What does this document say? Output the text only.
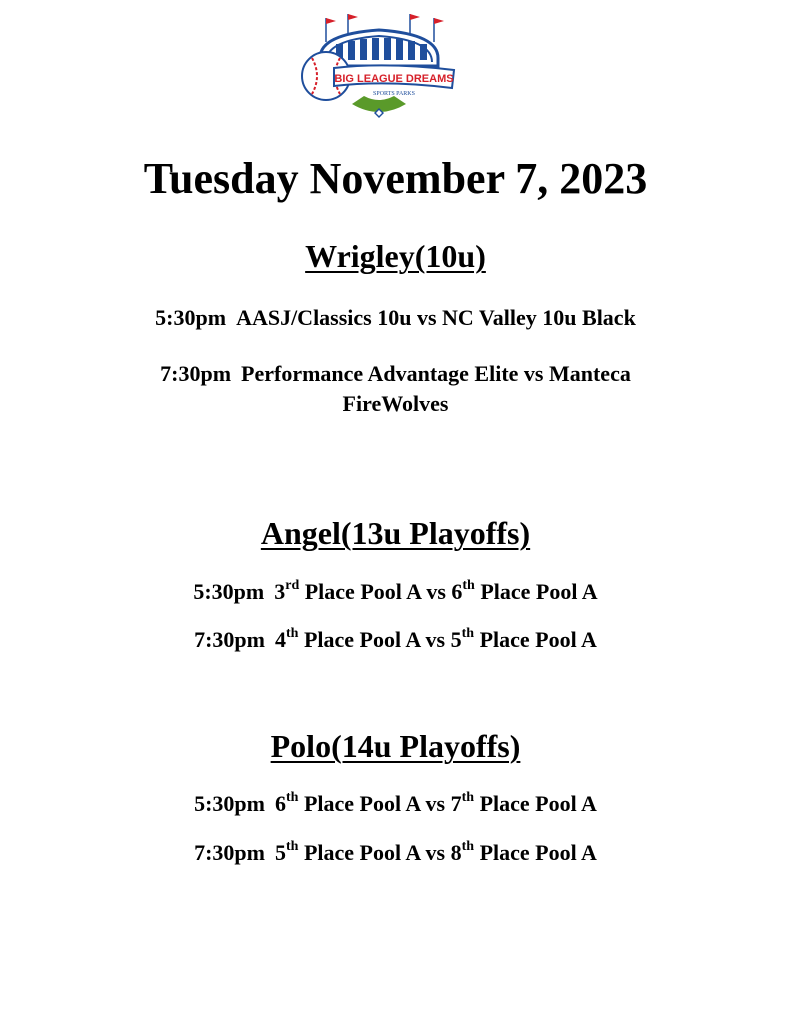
BIG LEAGUE DREAMS
SPORTS PARKS
Tuesday November 7, 2023
Wrigley(10u)

5:30pm AASJ/Classics 10u vs NC Valley 10u Black

7:30pm Performance Advantage Elite vs Manteca
FireWolves

Angel(13u Playoffs)

5:30pm 3rd Place Pool A vs 6th Place Pool A

7:30pm 4th Place Pool A vs 5th Place Pool A

Polo(14u Playoffs)

5:30pm 6th Place Pool A vs 7th Place Pool A

7:30pm 5th Place Pool A vs 8th Place Pool A
